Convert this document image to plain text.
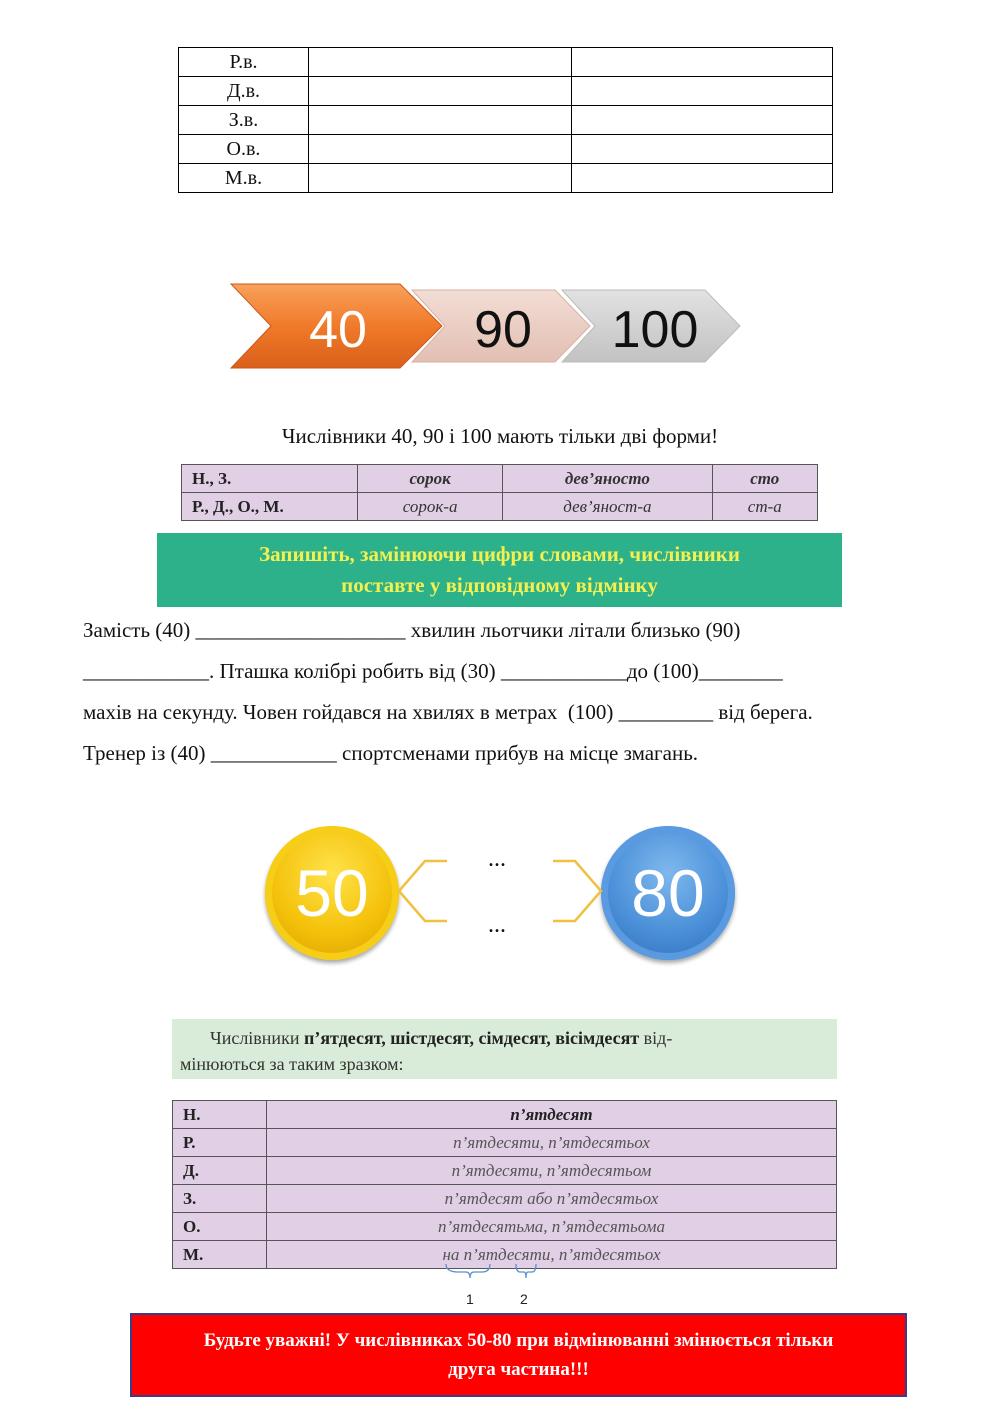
Р.в.		
Д.в.		
З.в.		
О.в.		
М.в.		
40	90	100
Числівники 40, 90 і 100 мають тільки дві форми!
Н., З.	сорок	дев’яносто	сто
Р., Д., О., М.	сорок-а	дев’яност-а	ст-а
Запишіть, замінюючи цифри словами, числівники
поставте у відповідному відмінку
Замість (40) ____________________ хвилин льотчики літали близько (90)
____________. Пташка колібрі робить від (30) ____________до (100)________
махів на секунду. Човен гойдався на хвилях в метрах  (100) _________ від берега.
Тренер із (40) ____________ спортсменами прибув на місце змагань.
50	80
...
...
Числівники п’ятдесят, шістдесят, сімдесят, вісімдесят від-
мінюються за таким зразком:
Н.	п’ятдесят
Р.	п’ятдесяти, п’ятдесятьох
Д.	п’ятдесяти, п’ятдесятьом
З.	п’ятдесят або п’ятдесятьох
О.	п’ятдесятьма, п’ятдесятьома
М.	на п’ятдесяти, п’ятдесятьох
1	2
Будьте уважні! У числівниках 50-80 при відмінюванні змінюється тільки
друга частина!!!
